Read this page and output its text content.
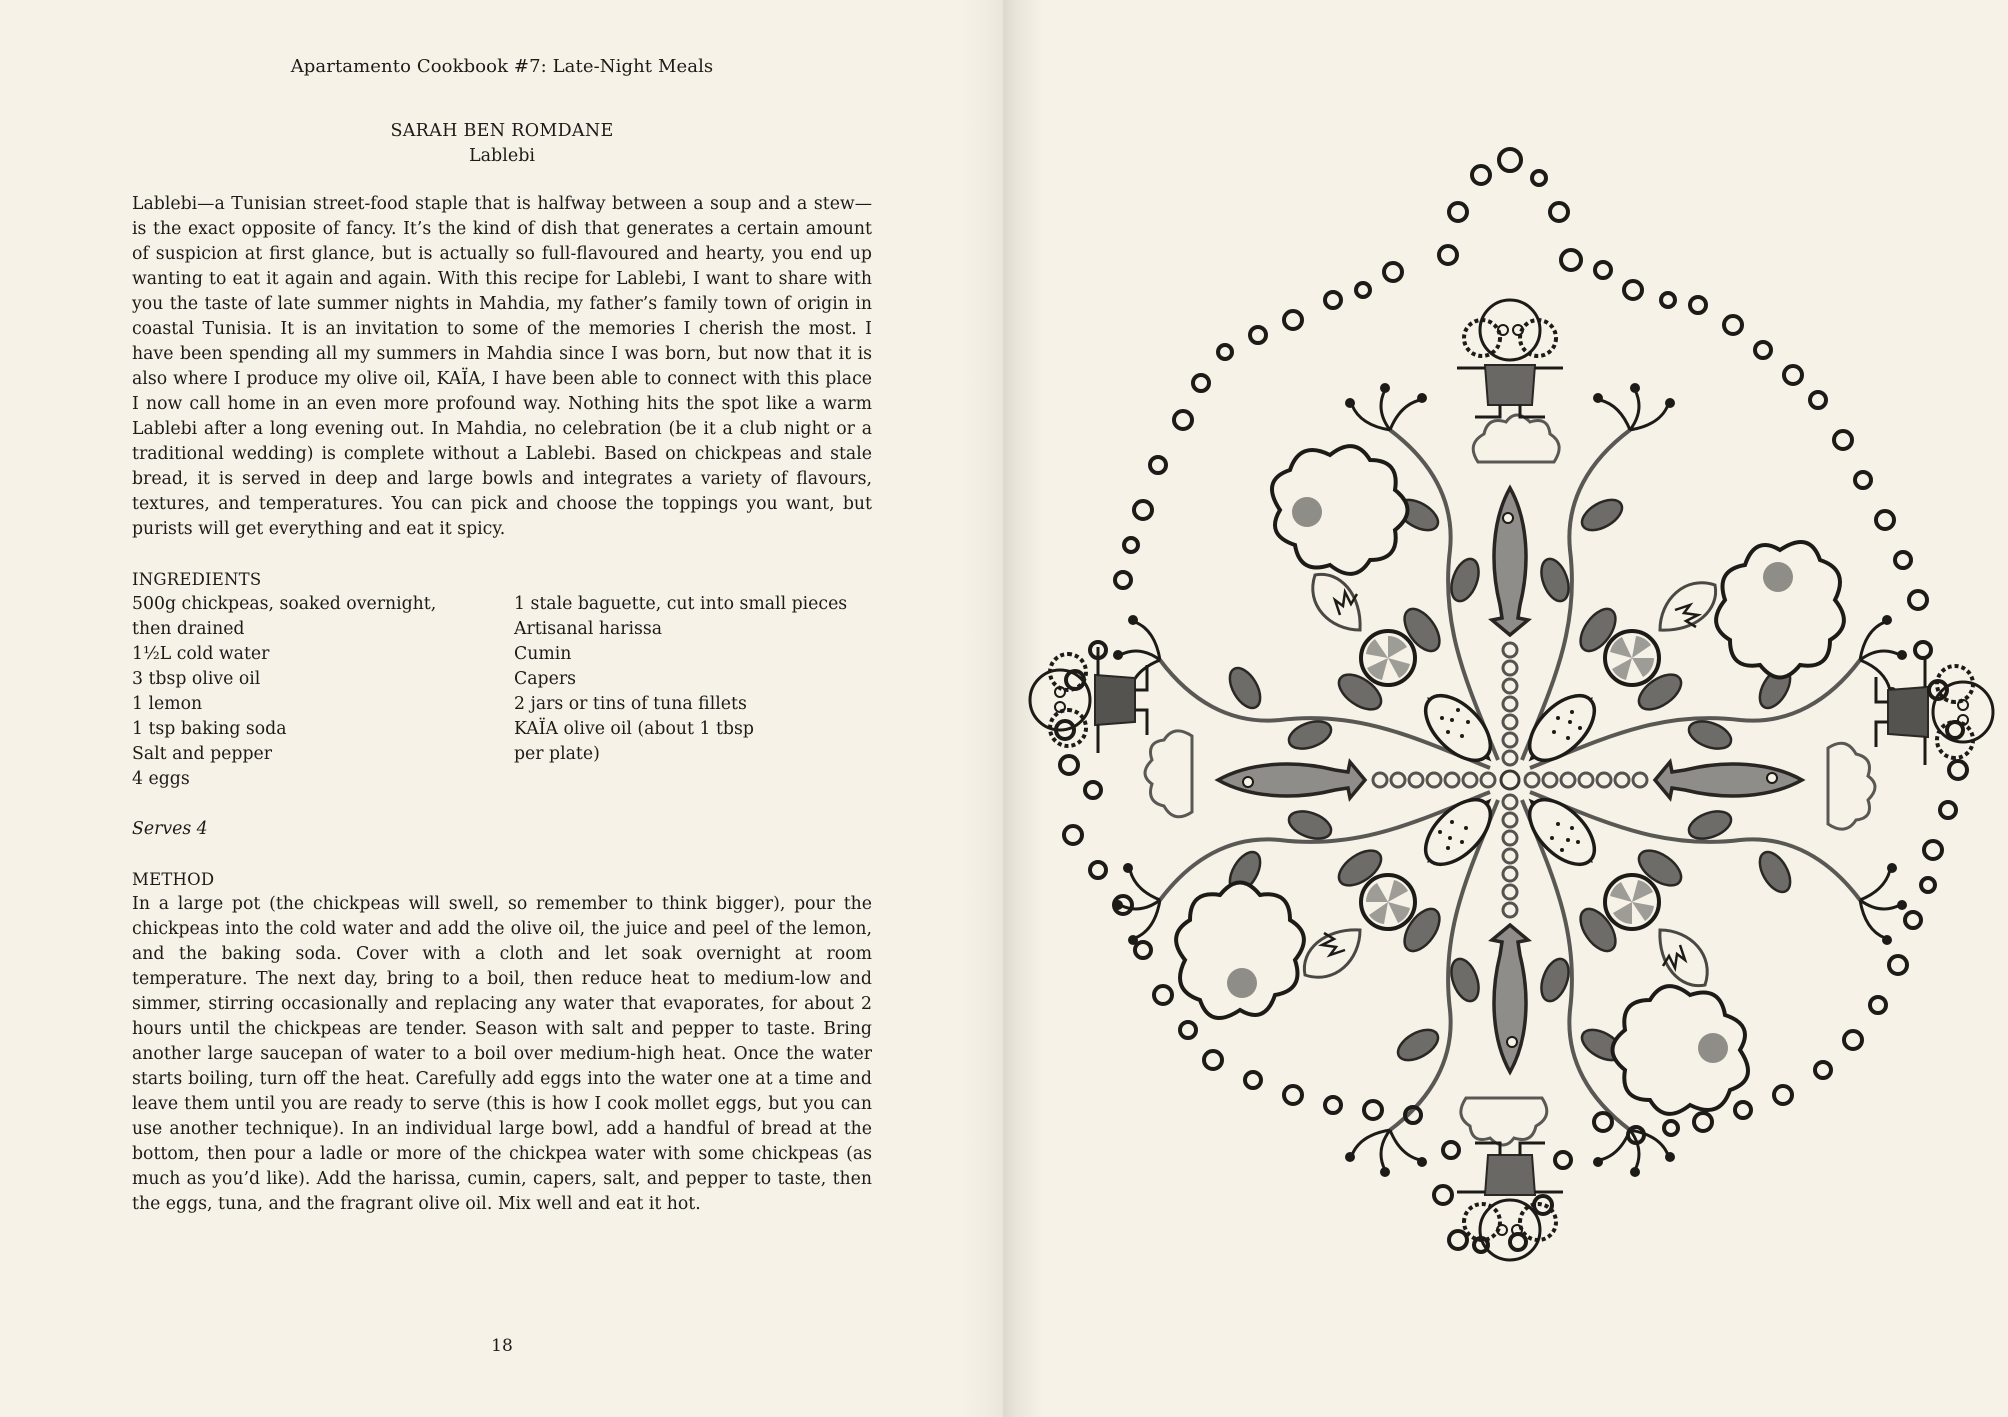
Apartamento Cookbook #7: Late-Night Meals
SARAH BEN ROMDANE
Lablebi

Lablebi—a Tunisian street-food staple that is halfway between a soup and a stew—is the exact opposite of fancy. It’s the kind of dish that generates a certain amount of suspicion at first glance, but is actually so full-flavoured and hearty, you end up wanting to eat it again and again. With this recipe for Lablebi, I want to share with you the taste of late summer nights in Mahdia, my father’s family town of origin in coastal Tunisia. It is an invitation to some of the memories I cherish the most. I have been spending all my summers in Mahdia since I was born, but now that it is also where I produce my olive oil, KAÏA, I have been able to connect with this place I now call home in an even more profound way. Nothing hits the spot like a warm Lablebi after a long evening out. In Mahdia, no celebration (be it a club night or a traditional wedding) is complete without a Lablebi. Based on chickpeas and stale bread, it is served in deep and large bowls and integrates a variety of flavours, textures, and temperatures. You can pick and choose the toppings you want, but purists will get everything and eat it spicy.

INGREDIENTS
500g chickpeas, soaked overnight,
then drained
1½L cold water
3 tbsp olive oil
1 lemon
1 tsp baking soda
Salt and pepper
4 eggs
1 stale baguette, cut into small pieces
Artisanal harissa
Cumin
Capers
2 jars or tins of tuna fillets
KAÏA olive oil (about 1 tbsp
per plate)
Serves 4
METHOD

In a large pot (the chickpeas will swell, so remember to think bigger), pour the chickpeas into the cold water and add the olive oil, the juice and peel of the lemon, and the baking soda. Cover with a cloth and let soak overnight at room temperature. The next day, bring to a boil, then reduce heat to medium-low and simmer, stirring occasionally and replacing any water that evaporates, for about 2 hours until the chickpeas are tender. Season with salt and pepper to taste. Bring another large saucepan of water to a boil over medium-high heat. Once the water starts boiling, turn off the heat. Carefully add eggs into the water one at a time and leave them until you are ready to serve (this is how I cook mollet eggs, but you can use another technique). In an individual large bowl, add a handful of bread at the bottom, then pour a ladle or more of the chickpea water with some chickpeas (as much as you’d like). Add the harissa, cumin, capers, salt, and pepper to taste, then the eggs, tuna, and the fragrant olive oil. Mix well and eat it hot.

18
